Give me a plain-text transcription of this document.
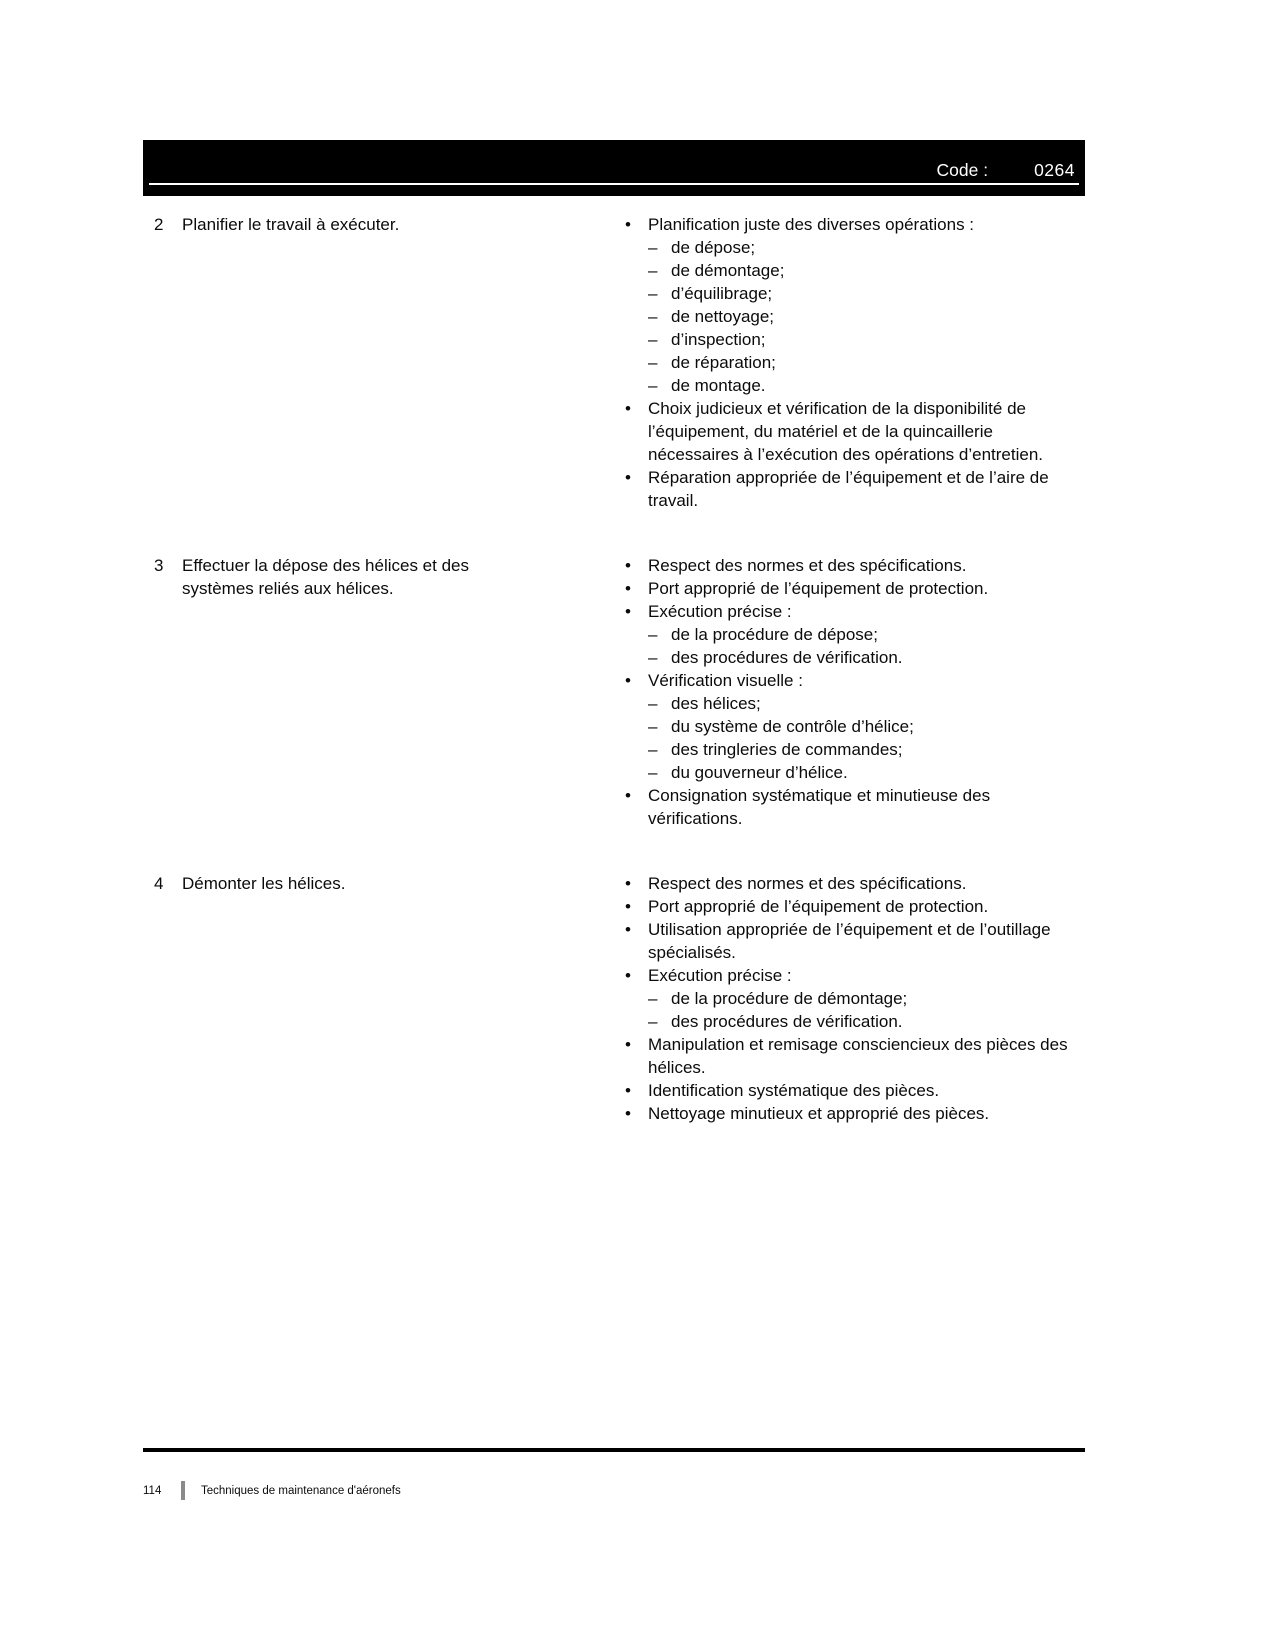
Code :	0264
2	Planifier le travail à exécuter.	•	Planification juste des diverses opérations :
– de dépose;
– de démontage;
– d’équilibrage;
– de nettoyage;
– d’inspection;
– de réparation;
– de montage.
•	Choix judicieux et vérification de la disponibilité de l’équipement, du matériel et de la quincaillerie nécessaires à l’exécution des opérations d’entretien.
•	Réparation appropriée de l’équipement et de l’aire de travail.
3	Effectuer la dépose des hélices et des systèmes reliés aux hélices.
•	Respect des normes et des spécifications.
•	Port approprié de l’équipement de protection.
•	Exécution précise :
– de la procédure de dépose;
– des procédures de vérification.
•	Vérification visuelle :
– des hélices;
– du système de contrôle d’hélice;
– des tringleries de commandes;
– du gouverneur d’hélice.
•	Consignation systématique et minutieuse des vérifications.
4	Démonter les hélices.	•	Respect des normes et des spécifications.
•	Port approprié de l’équipement de protection.
•	Utilisation appropriée de l’équipement et de l’outillage spécialisés.
•	Exécution précise :
– de la procédure de démontage;
– des procédures de vérification.
•	Manipulation et remisage consciencieux des pièces des hélices.
•	Identification systématique des pièces.
•	Nettoyage minutieux et approprié des pièces.
114	Techniques de maintenance d'aéronefs
